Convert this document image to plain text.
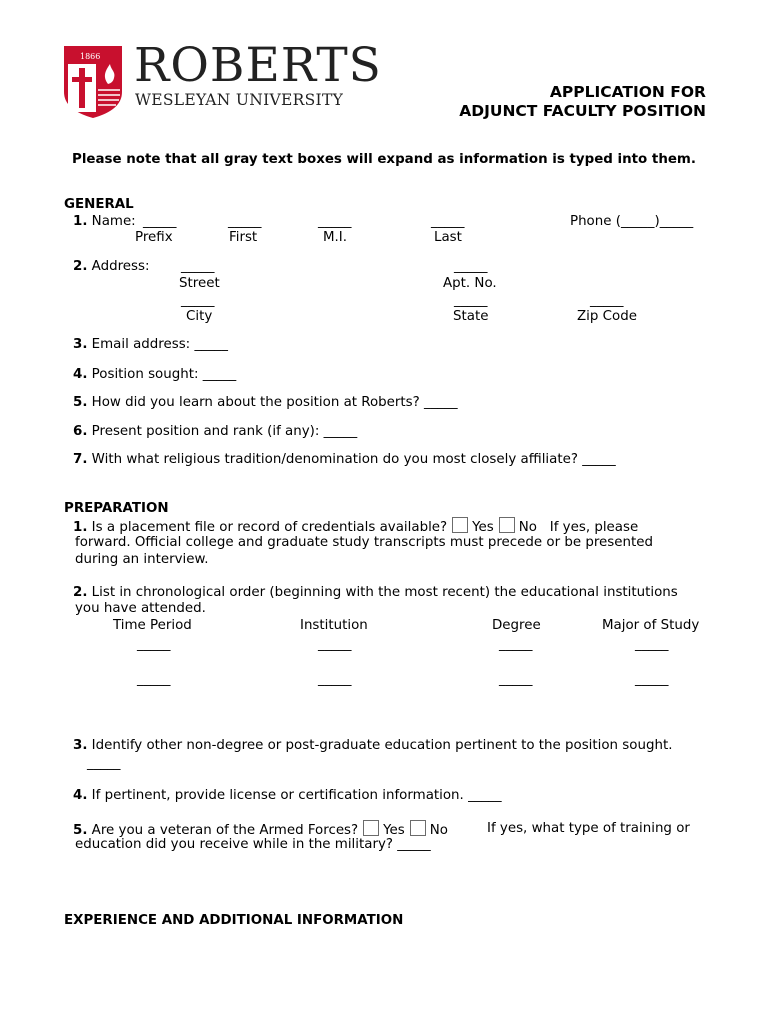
1866 ROBERTS
WESLEYAN UNIVERSITY	APPLICATION FOR
ADJUNCT FACULTY POSITION
Please note that all gray text boxes will expand as information is typed into them.
GENERAL
1. Name: _____	_____	_____	_____	Phone (_____)_____
Prefix	First	M.I.	Last
2. Address: _____	_____
Street	Apt. No.
_____	_____	_____
City	State	Zip Code
3. Email address: _____
4. Position sought: _____
5. How did you learn about the position at Roberts? _____
6. Present position and rank (if any): _____
7. With what religious tradition/denomination do you most closely affiliate? _____
PREPARATION
1. Is a placement file or record of credentials available? Yes No If yes, please
forward. Official college and graduate study transcripts must precede or be presented
during an interview.
2. List in chronological order (beginning with the most recent) the educational institutions
you have attended.
Time Period	Institution	Degree	Major of Study
_____	_____	_____	_____
_____	_____	_____	_____
3. Identify other non-degree or post-graduate education pertinent to the position sought.
_____
4. If pertinent, provide license or certification information. _____
5. Are you a veteran of the Armed Forces? Yes No	If yes, what type of training or
education did you receive while in the military? _____
EXPERIENCE AND ADDITIONAL INFORMATION
